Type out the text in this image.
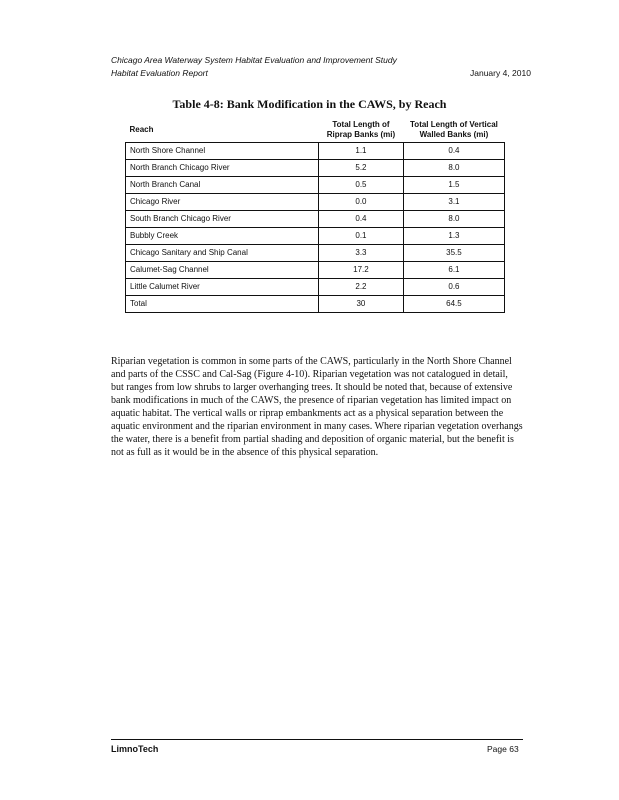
Chicago Area Waterway System Habitat Evaluation and Improvement Study
Habitat Evaluation Report	January 4, 2010
Table 4-8: Bank Modification in the CAWS, by Reach
Reach	Total Length of Riprap Banks (mi)	Total Length of Vertical Walled Banks (mi)
North Shore Channel	1.1	0.4
North Branch Chicago River	5.2	8.0
North Branch Canal	0.5	1.5
Chicago River	0.0	3.1
South Branch Chicago River	0.4	8.0
Bubbly Creek	0.1	1.3
Chicago Sanitary and Ship Canal	3.3	35.5
Calumet-Sag Channel	17.2	6.1
Little Calumet River	2.2	0.6
Total	30	64.5
Riparian vegetation is common in some parts of the CAWS, particularly in the North Shore Channel and parts of the CSSC and Cal-Sag (Figure 4-10). Riparian vegetation was not catalogued in detail, but ranges from low shrubs to larger overhanging trees. It should be noted that, because of extensive bank modifications in much of the CAWS, the presence of riparian vegetation has limited impact on aquatic habitat. The vertical walls or riprap embankments act as a physical separation between the aquatic environment and the riparian environment in many cases. Where riparian vegetation overhangs the water, there is a benefit from partial shading and deposition of organic material, but the benefit is not as full as it would be in the absence of this physical separation.
LimnoTech	Page 63
